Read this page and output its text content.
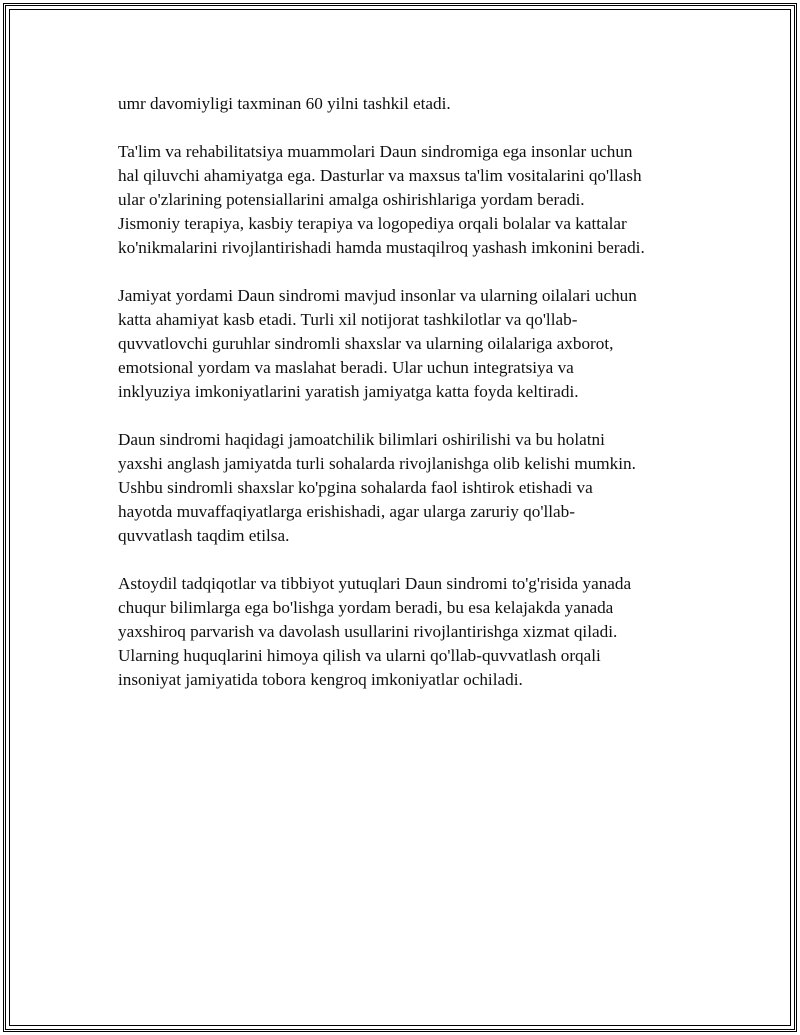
umr davomiyligi taxminan 60 yilni tashkil etadi.

Ta'lim va rehabilitatsiya muammolari Daun sindromiga ega insonlar uchun
hal qiluvchi ahamiyatga ega. Dasturlar va maxsus ta'lim vositalarini qo'llash
ular o'zlarining potensiallarini amalga oshirishlariga yordam beradi.
Jismoniy terapiya, kasbiy terapiya va logopediya orqali bolalar va kattalar
ko'nikmalarini rivojlantirishadi hamda mustaqilroq yashash imkonini beradi.

Jamiyat yordami Daun sindromi mavjud insonlar va ularning oilalari uchun
katta ahamiyat kasb etadi. Turli xil notijorat tashkilotlar va qo'llab-
quvvatlovchi guruhlar sindromli shaxslar va ularning oilalariga axborot,
emotsional yordam va maslahat beradi. Ular uchun integratsiya va
inklyuziya imkoniyatlarini yaratish jamiyatga katta foyda keltiradi.

Daun sindromi haqidagi jamoatchilik bilimlari oshirilishi va bu holatni
yaxshi anglash jamiyatda turli sohalarda rivojlanishga olib kelishi mumkin.
Ushbu sindromli shaxslar ko'pgina sohalarda faol ishtirok etishadi va
hayotda muvaffaqiyatlarga erishishadi, agar ularga zaruriy qo'llab-
quvvatlash taqdim etilsa.

Astoydil tadqiqotlar va tibbiyot yutuqlari Daun sindromi to'g'risida yanada
chuqur bilimlarga ega bo'lishga yordam beradi, bu esa kelajakda yanada
yaxshiroq parvarish va davolash usullarini rivojlantirishga xizmat qiladi.
Ularning huquqlarini himoya qilish va ularni qo'llab-quvvatlash orqali
insoniyat jamiyatida tobora kengroq imkoniyatlar ochiladi.
